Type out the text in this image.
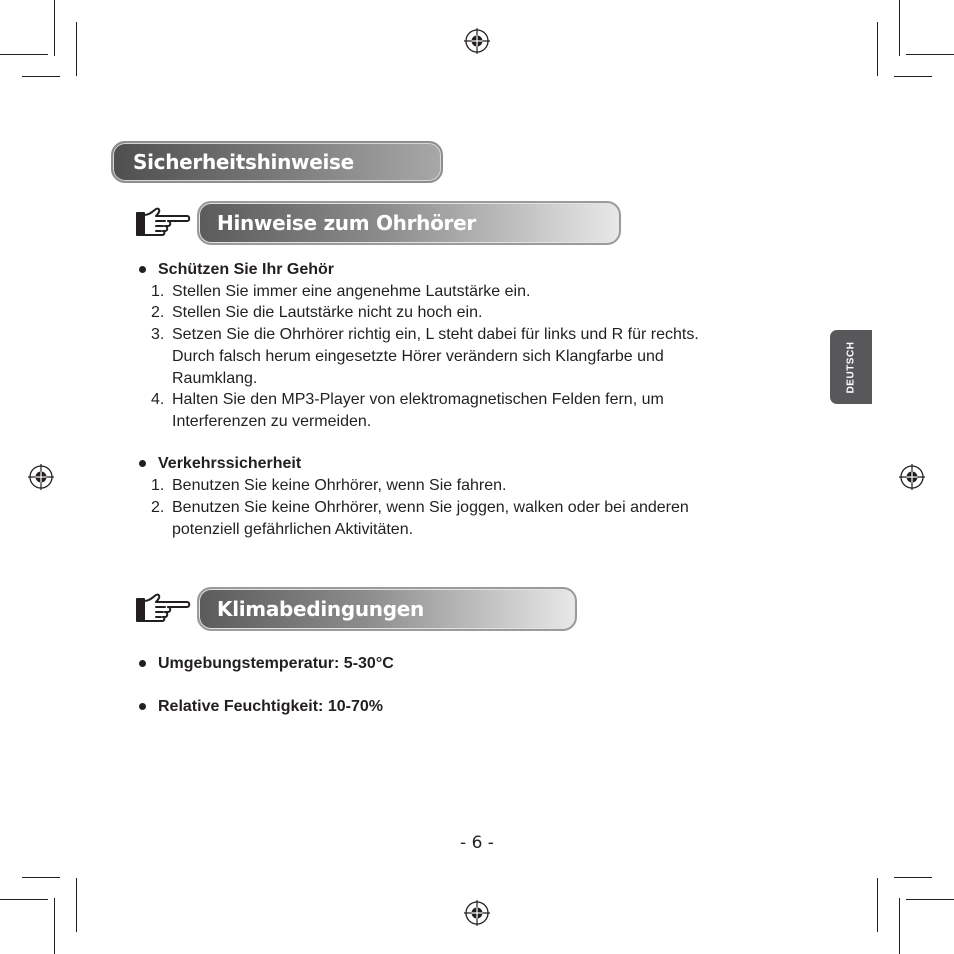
Sicherheitshinweise
Hinweise zum Ohrhörer
Schützen Sie Ihr Gehör
1. Stellen Sie immer eine angenehme Lautstärke ein.
2. Stellen Sie die Lautstärke nicht zu hoch ein.
3. Setzen Sie die Ohrhörer richtig ein, L steht dabei für links und R für rechts.
Durch falsch herum eingesetzte Hörer verändern sich Klangfarbe und
Raumklang.
4. Halten Sie den MP3-Player von elektromagnetischen Felden fern, um
Interferenzen zu vermeiden.
Verkehrssicherheit
1. Benutzen Sie keine Ohrhörer, wenn Sie fahren.
2. Benutzen Sie keine Ohrhörer, wenn Sie joggen, walken oder bei anderen
potenziell gefährlichen Aktivitäten.
Klimabedingungen
Umgebungstemperatur: 5-30°C
Relative Feuchtigkeit: 10-70%
DEUTSCH
- 6 -
